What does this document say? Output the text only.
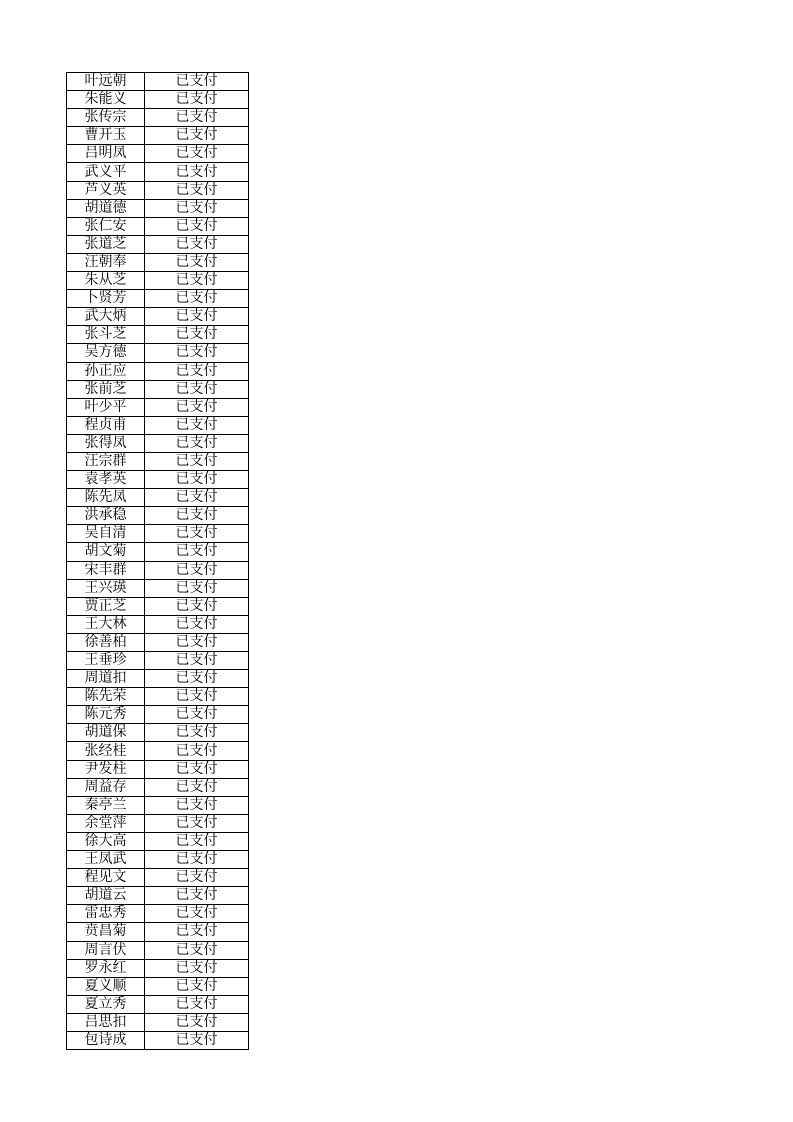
叶远朝	已支付
朱能义	已支付
张传宗	已支付
曹开玉	已支付
吕明凤	已支付
武义平	已支付
芦义英	已支付
胡道德	已支付
张仁安	已支付
张道芝	已支付
汪朝奉	已支付
朱从芝	已支付
卜贤芳	已支付
武大炳	已支付
张斗芝	已支付
吴方德	已支付
孙正应	已支付
张前芝	已支付
叶少平	已支付
程贞甫	已支付
张得凤	已支付
汪宗群	已支付
袁孝英	已支付
陈先凤	已支付
洪承稳	已支付
吴自清	已支付
胡文菊	已支付
宋丰群	已支付
王兴瑛	已支付
贾正芝	已支付
王大林	已支付
徐善柏	已支付
王垂珍	已支付
周道扣	已支付
陈先荣	已支付
陈元秀	已支付
胡道保	已支付
张经桂	已支付
尹发柱	已支付
周益存	已支付
秦亭兰	已支付
余堂萍	已支付
徐大高	已支付
王凤武	已支付
程见文	已支付
胡道云	已支付
雷忠秀	已支付
贲昌菊	已支付
周言伏	已支付
罗永红	已支付
夏义顺	已支付
夏立秀	已支付
吕思扣	已支付
包诗成	已支付
